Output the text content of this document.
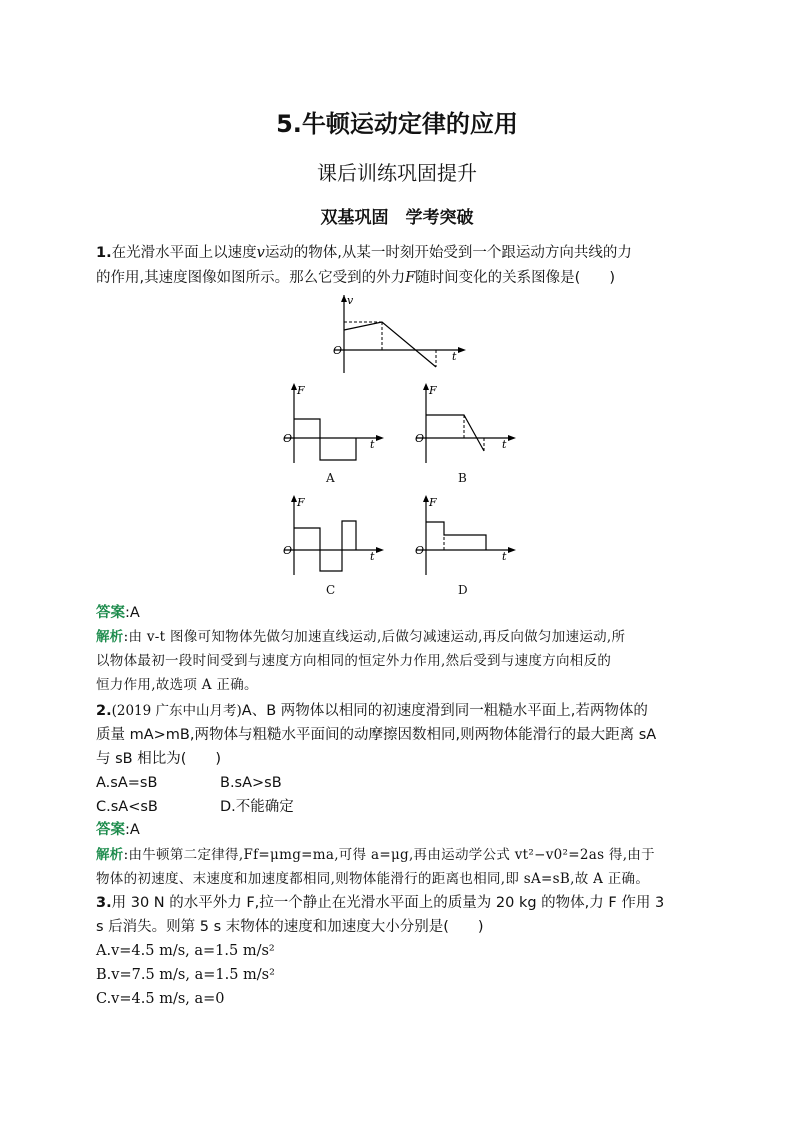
5.牛顿运动定律的应用
课后训练巩固提升
双基巩固　学考突破
1.在光滑水平面上以速度v运动的物体,从某一时刻开始受到一个跟运动方向共线的力
的作用,其速度图像如图所示。那么它受到的外力F随时间变化的关系图像是(　　)
v
t
O
F
t
O
A
F
t
O
B
F
t
O
C
F
t
O
D
答案:A
解析:由 v-t 图像可知物体先做匀加速直线运动,后做匀减速运动,再反向做匀加速运动,所
以物体最初一段时间受到与速度方向相同的恒定外力作用,然后受到与速度方向相反的
恒力作用,故选项 A 正确。
2.(2019 广东中山月考)A、B 两物体以相同的初速度滑到同一粗糙水平面上,若两物体的
质量 mA>mB,两物体与粗糙水平面间的动摩擦因数相同,则两物体能滑行的最大距离 sA
与 sB 相比为(　　)
A.sA=sB	B.sA>sB
C.sA<sB	D.不能确定
答案:A
解析:由牛顿第二定律得,Ff=μmg=ma,可得 a=μg,再由运动学公式 vt²−v0²=2as 得,由于
物体的初速度、末速度和加速度都相同,则物体能滑行的距离也相同,即 sA=sB,故 A 正确。
3.用 30 N 的水平外力 F,拉一个静止在光滑水平面上的质量为 20 kg 的物体,力 F 作用 3
s 后消失。则第 5 s 末物体的速度和加速度大小分别是(　　)
A.v=4.5 m/s, a=1.5 m/s²
B.v=7.5 m/s, a=1.5 m/s²
C.v=4.5 m/s, a=0
